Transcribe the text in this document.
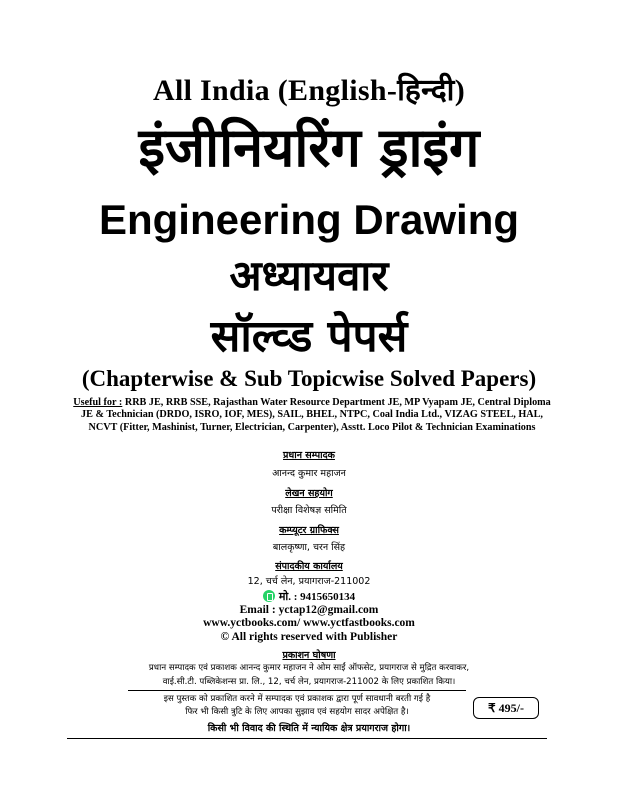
All India (English-हिन्दी)
इंजीनियरिंग ड्राइंग
Engineering Drawing
अध्यायवार
सॉल्व्ड पेपर्स
(Chapterwise & Sub Topicwise Solved Papers)
Useful for : RRB JE, RRB SSE, Rajasthan Water Resource Department JE, MP Vyapam JE, Central Diploma JE & Technician (DRDO, ISRO, IOF, MES), SAIL, BHEL, NTPC, Coal India Ltd., VIZAG STEEL, HAL, NCVT (Fitter, Mashinist, Turner, Electrician, Carpenter), Asstt. Loco Pilot & Technician Examinations
प्रधान सम्पादक
आनन्द कुमार महाजन
लेखन सहयोग
परीक्षा विशेषज्ञ समिति
कम्प्यूटर ग्राफिक्स
बालकृष्णा, चरन सिंह
संपादकीय कार्यालय
12, चर्च लेन, प्रयागराज-211002
मो. : 9415650134
Email : yctap12@gmail.com
www.yctbooks.com/ www.yctfastbooks.com
© All rights reserved with Publisher
प्रकाशन घोषणा
प्रधान सम्पादक एवं प्रकाशक आनन्द कुमार महाजन ने ओम साईं ऑफसेट, प्रयागराज से मुद्रित करवाकर,
वाई.सी.टी. पब्लिकेशन्स प्रा. लि., 12, चर्च लेन, प्रयागराज-211002 के लिए प्रकाशित किया।
इस पुस्तक को प्रकाशित करने में सम्पादक एवं प्रकाशक द्वारा पूर्ण सावधानी बरती गई है
फिर भी किसी त्रुटि के लिए आपका सुझाव एवं सहयोग सादर अपेक्षित है।	₹ 495/-
किसी भी विवाद की स्थिति में न्यायिक क्षेत्र प्रयागराज होगा।
